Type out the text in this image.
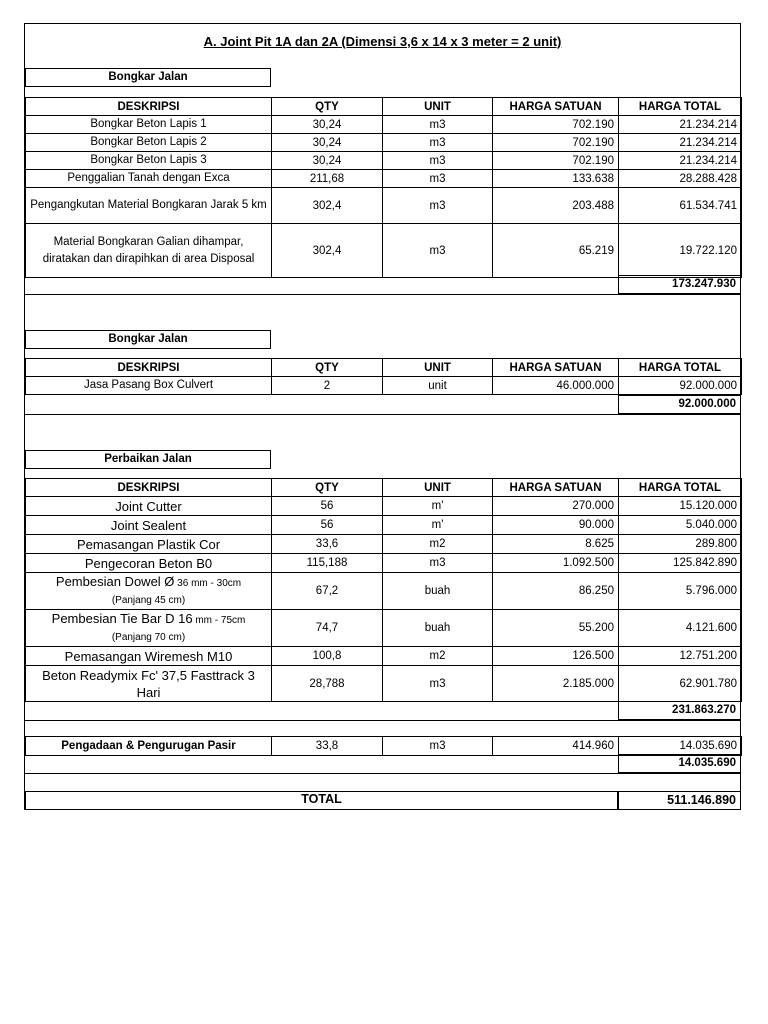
A. Joint Pit 1A dan 2A (Dimensi 3,6 x 14 x 3 meter = 2 unit)
Bongkar Jalan
DESKRIPSI	QTY	UNIT	HARGA SATUAN	HARGA TOTAL
Bongkar Beton Lapis 1	30,24	m3	702.190	21.234.214
Bongkar Beton Lapis 2	30,24	m3	702.190	21.234.214
Bongkar Beton Lapis 3	30,24	m3	702.190	21.234.214
Penggalian Tanah dengan Exca	211,68	m3	133.638	28.288.428
Pengangkutan Material Bongkaran Jarak 5 km	302,4	m3	203.488	61.534.741
Material Bongkaran Galian dihampar, diratakan dan dirapihkan di area Disposal	302,4	m3	65.219	19.722.120
173.247.930
Bongkar Jalan
DESKRIPSI	QTY	UNIT	HARGA SATUAN	HARGA TOTAL
Jasa Pasang Box Culvert	2	unit	46.000.000	92.000.000
92.000.000
Perbaikan Jalan
DESKRIPSI	QTY	UNIT	HARGA SATUAN	HARGA TOTAL
Joint Cutter	56	m'	270.000	15.120.000
Joint Sealent	56	m'	90.000	5.040.000
Pemasangan Plastik Cor	33,6	m2	8.625	289.800
Pengecoran Beton B0	115,188	m3	1.092.500	125.842.890
Pembesian Dowel Ø 36 mm - 30cm
(Panjang 45 cm)	67,2	buah	86.250	5.796.000
Pembesian Tie Bar D 16 mm - 75cm
(Panjang 70 cm)	74,7	buah	55.200	4.121.600
Pemasangan Wiremesh M10	100,8	m2	126.500	12.751.200
Beton Readymix Fc' 37,5 Fasttrack 3 Hari	28,788	m3	2.185.000	62.901.780
231.863.270
Pengadaan & Pengurugan Pasir	33,8	m3	414.960	14.035.690
14.035.690
TOTAL	511.146.890
